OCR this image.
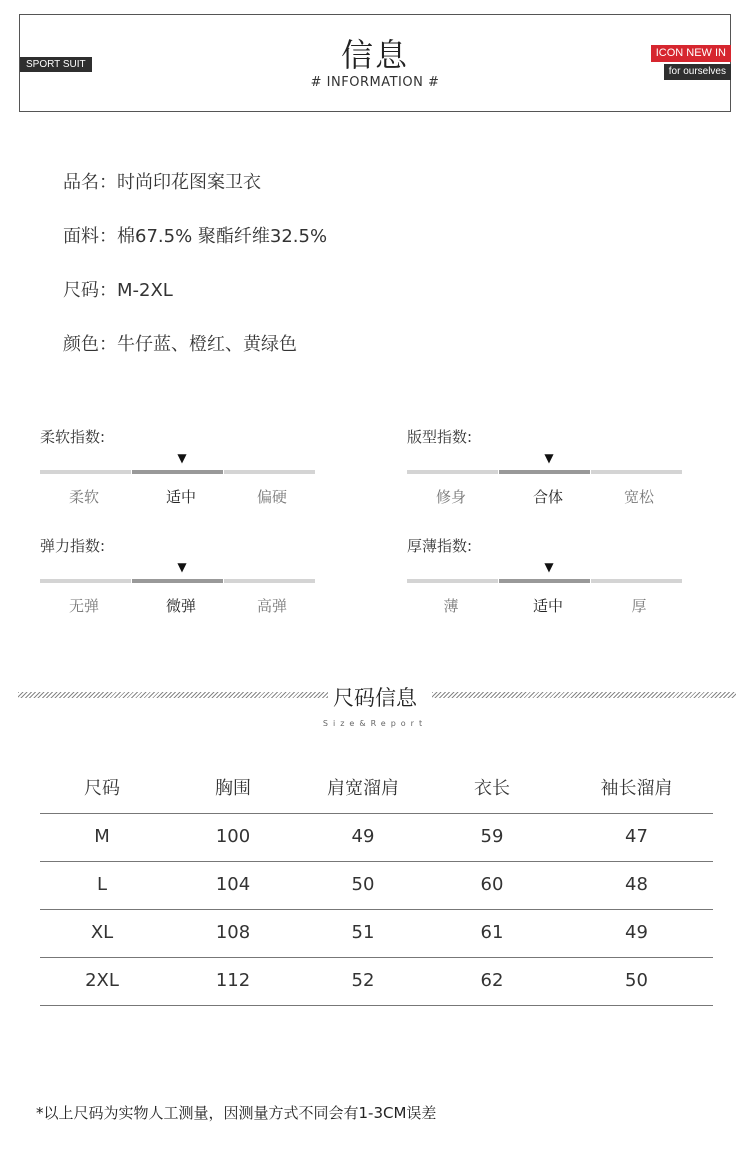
信息
# INFORMATION #
SPORT SUIT
ICON NEW IN
for ourselves
品名：时尚印花图案卫衣
面料：棉67.5% 聚酯纤维32.5%
尺码：M-2XL
颜色：牛仔蓝、橙红、黄绿色
柔软指数:
▼
柔软	适中	偏硬
版型指数:
▼
修身	合体	宽松
弹力指数:
▼
无弹	微弹	高弹
厚薄指数:
▼
薄	适中	厚
尺码信息
Size&Report
尺码	胸围	肩宽溜肩	衣长	袖长溜肩
M	100	49	59	47
L	104	50	60	48
XL	108	51	61	49
2XL	112	52	62	50
*以上尺码为实物人工测量，因测量方式不同会有1-3CM误差
